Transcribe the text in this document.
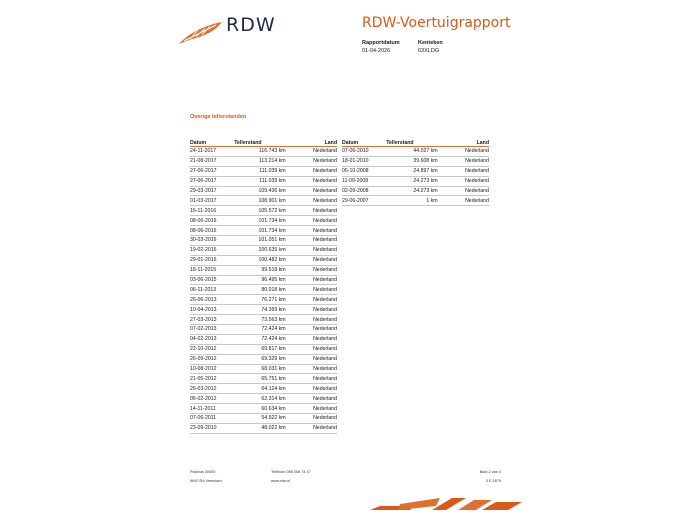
RDW	RDW-Voertuigrapport
Rapportdatum
01-04-2026
Kenteken
63XLDG
Overige tellerstanden
Datum	Tellerstand	Land
24-11-2017	116.743 km	Nederland
21-08-2017	113.214 km	Nederland
27-06-2017	111.039 km	Nederland
27-06-2017	111.039 km	Nederland
29-03-2017	109.436 km	Nederland
01-03-2017	108.901 km	Nederland
16-11-2016	105.572 km	Nederland
08-06-2016	101.734 km	Nederland
08-06-2016	101.734 km	Nederland
30-03-2016	101.051 km	Nederland
19-02-2016	100.635 km	Nederland
29-01-2016	100.482 km	Nederland
18-11-2015	99.518 km	Nederland
03-06-2015	96.495 km	Nederland
06-11-2013	80.018 km	Nederland
26-06-2013	76.271 km	Nederland
10-04-2013	74.369 km	Nederland
27-03-2013	73.563 km	Nederland
07-02-2013	72.424 km	Nederland
04-02-2013	72.424 km	Nederland
22-10-2012	69.817 km	Nederland
26-09-2012	69.329 km	Nederland
10-08-2012	68.031 km	Nederland
21-05-2012	65.751 km	Nederland
26-03-2012	64.124 km	Nederland
06-02-2012	62.314 km	Nederland
14-11-2011	60.634 km	Nederland
07-06-2011	54.922 km	Nederland
23-09-2010	48.022 km	Nederland
Datum	Tellerstand	Land
07-06-2010	44.027 km	Nederland
18-01-2010	39.608 km	Nederland
06-10-2008	24.897 km	Nederland
11-09-2008	24.273 km	Nederland
02-09-2008	24.273 km	Nederland
29-06-2007	1 km	Nederland
Postbus 30000
9640 RA Veendam
Telefoon 088 008 74 47
www.rdw.nl
Blad 2 van 4
3 E 1679
